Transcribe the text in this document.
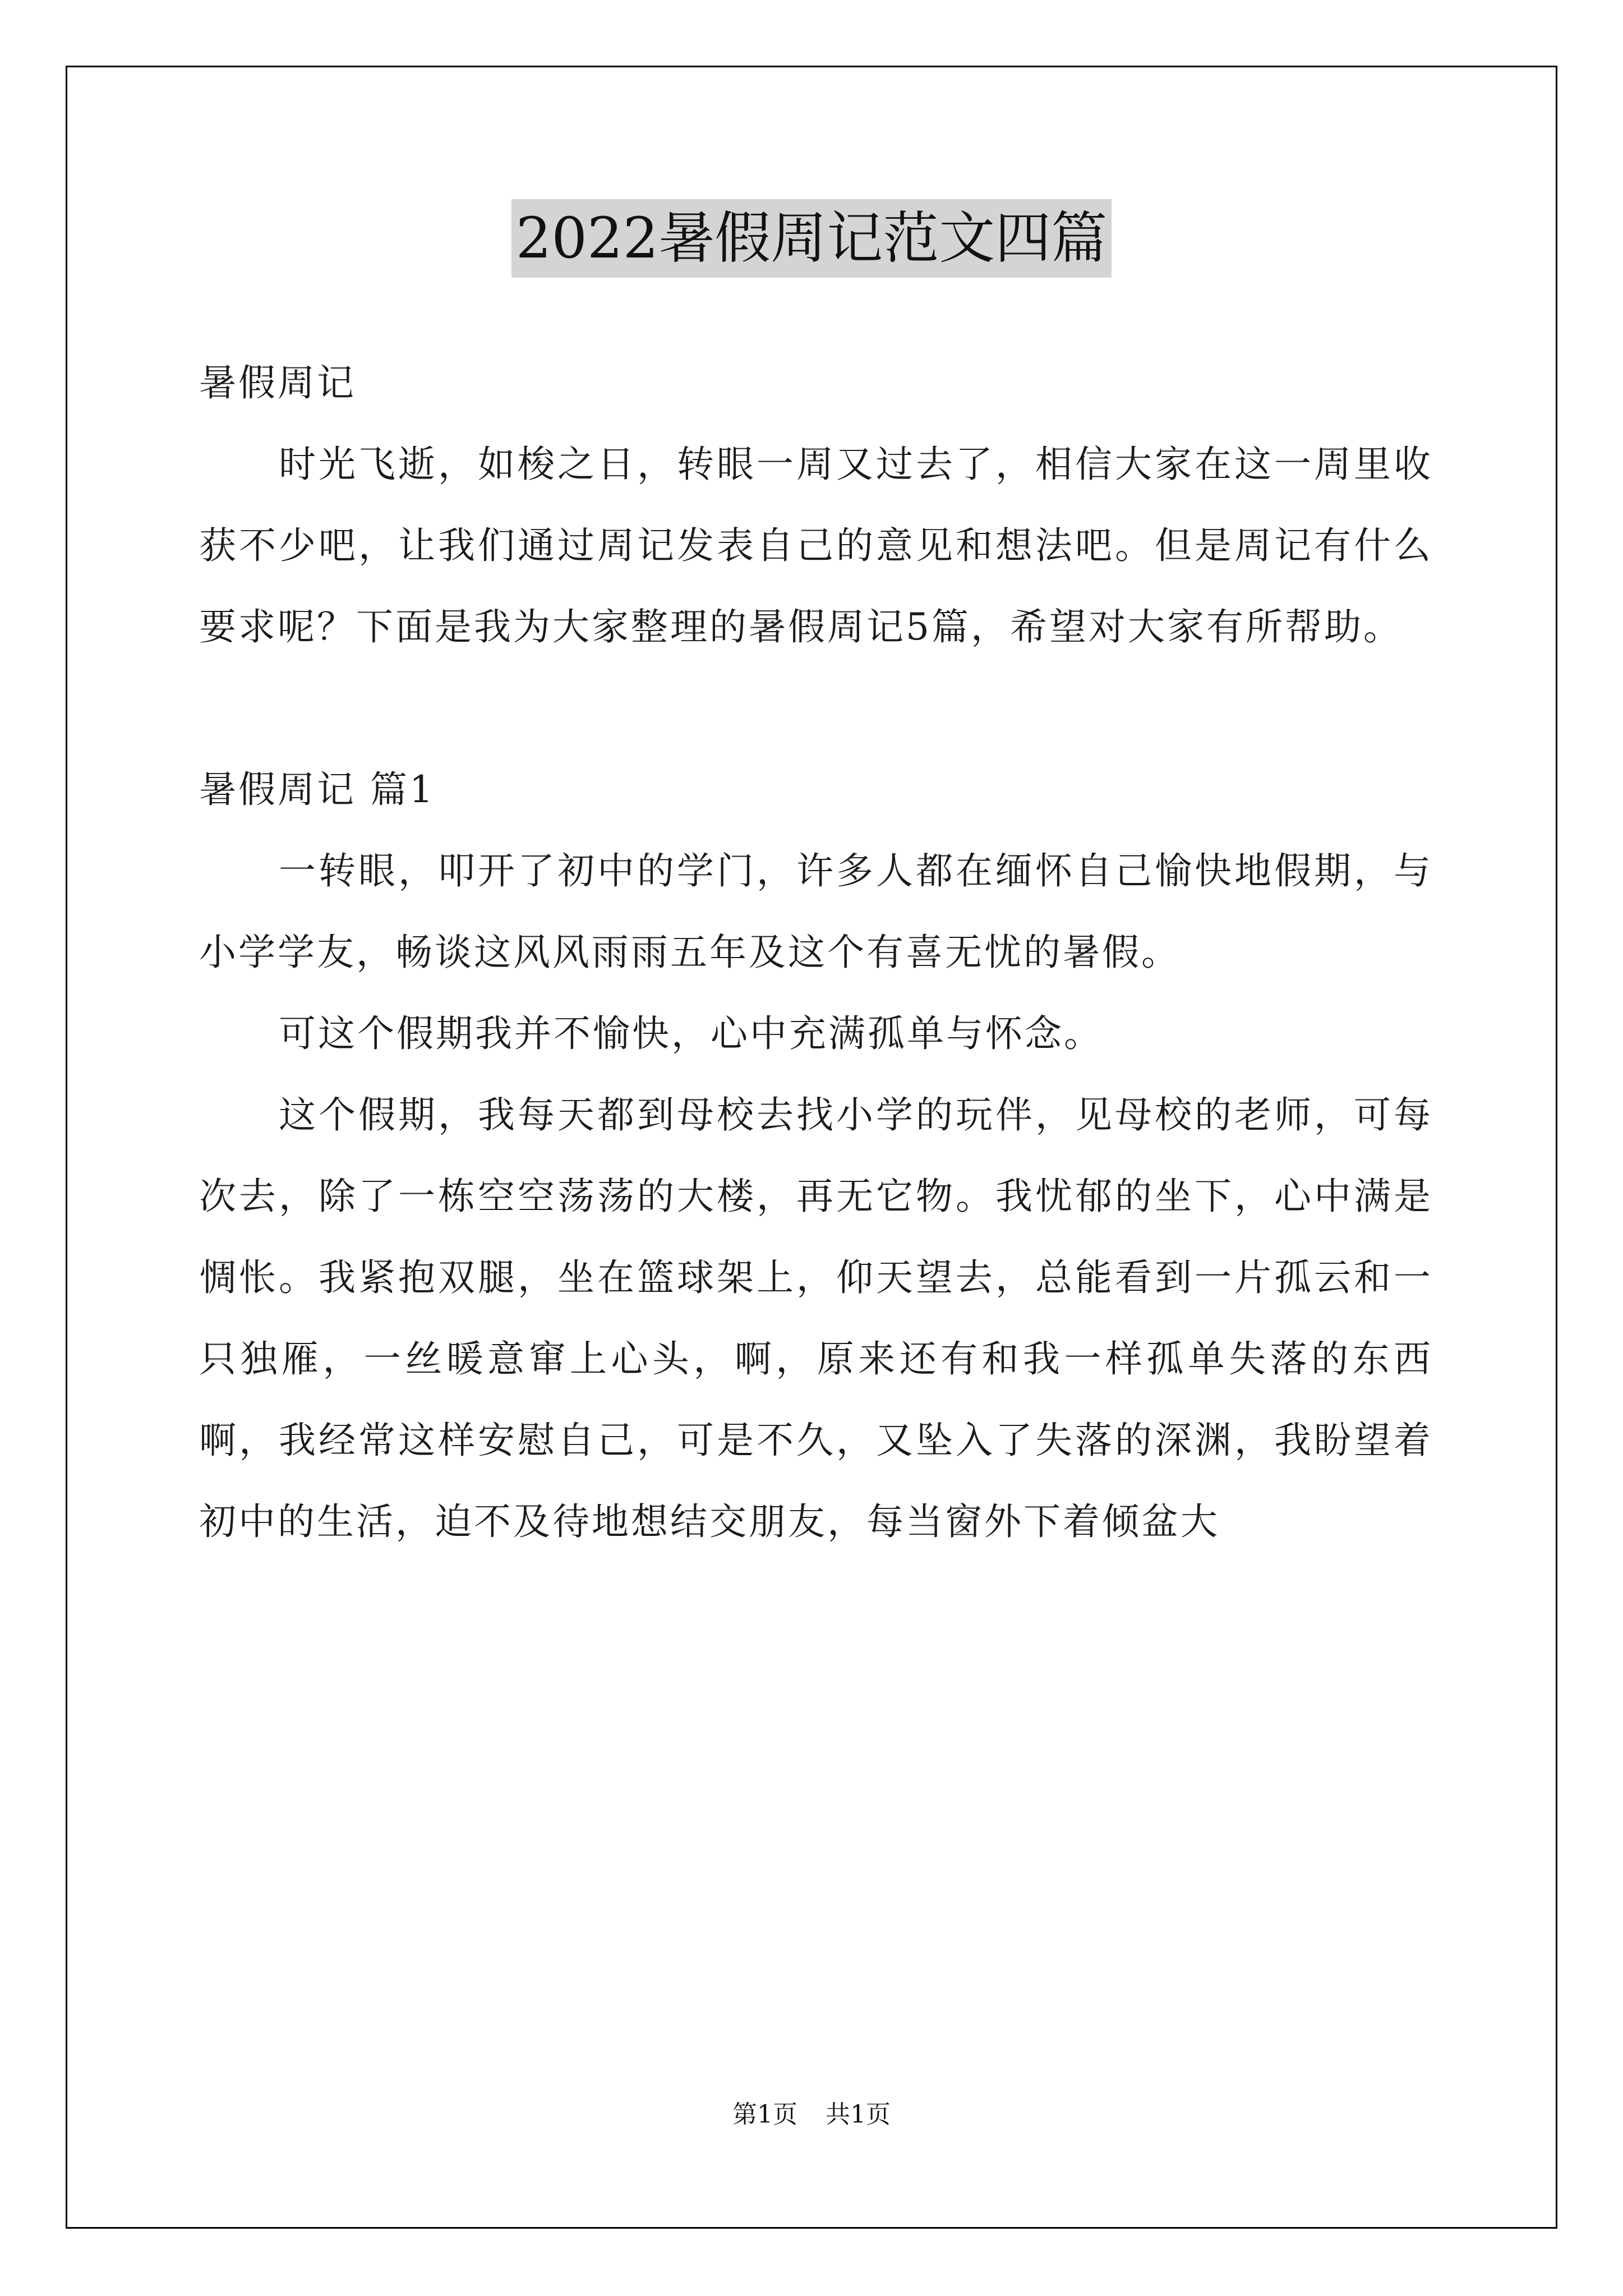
2022暑假周记范文四篇

暑假周记

时光飞逝，如梭之日，转眼一周又过去了，相信大家在这一周里收获不少吧，让我们通过周记发表自己的意见和想法吧。但是周记有什么要求呢？下面是我为大家整理的暑假周记5篇，希望对大家有所帮助。

暑假周记 篇1

一转眼，叩开了初中的学门，许多人都在缅怀自己愉快地假期，与小学学友，畅谈这风风雨雨五年及这个有喜无忧的暑假。

可这个假期我并不愉快，心中充满孤单与怀念。

这个假期，我每天都到母校去找小学的玩伴，见母校的老师，可每次去，除了一栋空空荡荡的大楼，再无它物。我忧郁的坐下，心中满是惆怅。我紧抱双腿，坐在篮球架上，仰天望去，总能看到一片孤云和一只独雁，一丝暖意窜上心头，啊，原来还有和我一样孤单失落的东西啊，我经常这样安慰自己，可是不久，又坠入了失落的深渊，我盼望着初中的生活，迫不及待地想结交朋友，每当窗外下着倾盆大

第1页 共1页
